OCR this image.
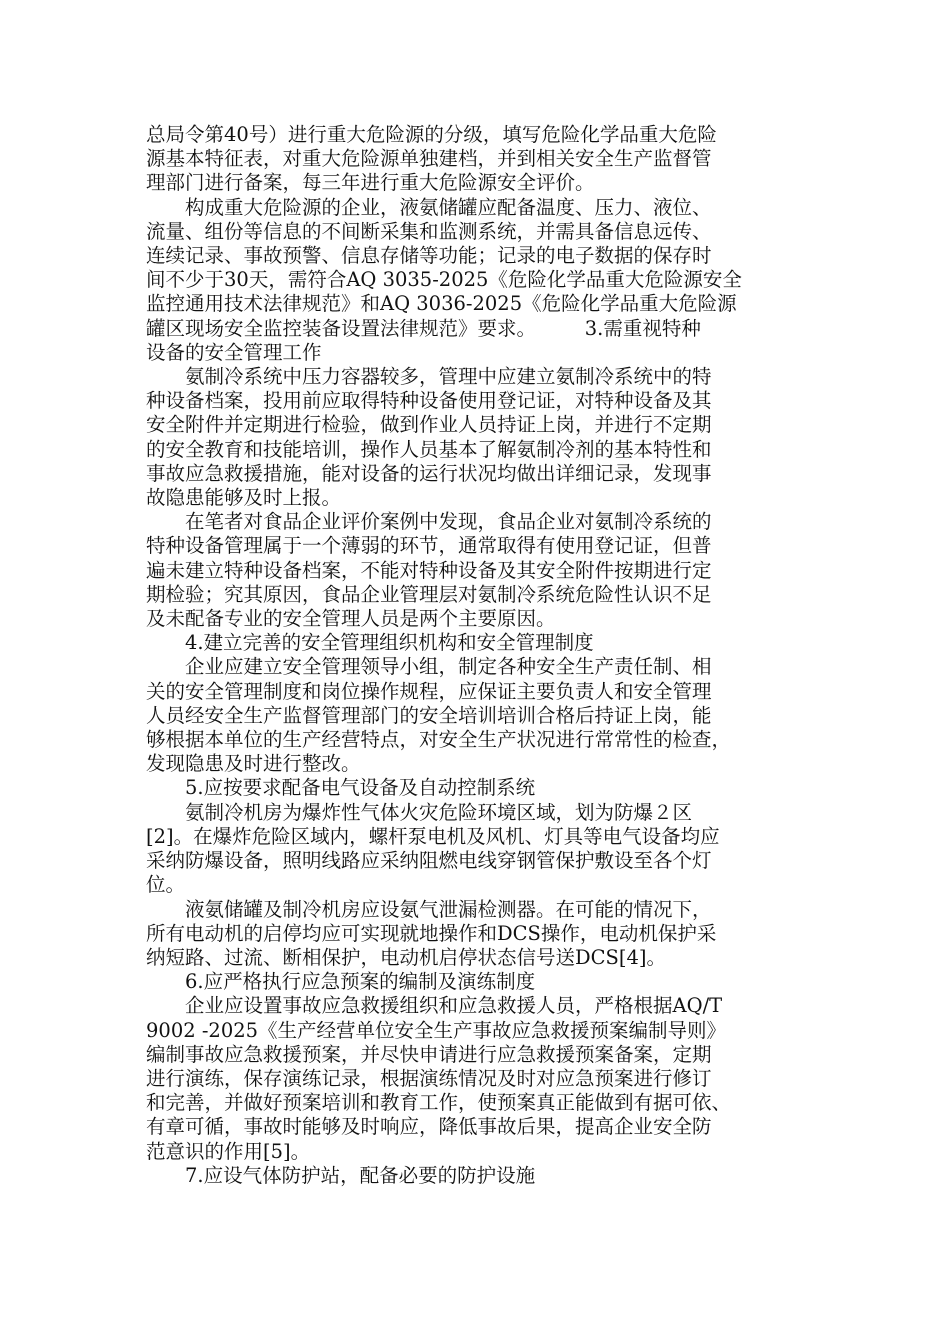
总局令第40号）进行重大危险源的分级，填写危险化学品重大危险
源基本特征表，对重大危险源单独建档，并到相关安全生产监督管
理部门进行备案，每三年进行重大危险源安全评价。

构成重大危险源的企业，液氨储罐应配备温度、压力、液位、
流量、组份等信息的不间断采集和监测系统，并需具备信息远传、
连续记录、事故预警、信息存储等功能；记录的电子数据的保存时
间不少于30天，需符合AQ 3035-2025《危险化学品重大危险源安全
监控通用技术法律规范》和AQ 3036-2025《危险化学品重大危险源
罐区现场安全监控装备设置法律规范》要求。　　　3.需重视特种
设备的安全管理工作

氨制冷系统中压力容器较多，管理中应建立氨制冷系统中的特
种设备档案，投用前应取得特种设备使用登记证，对特种设备及其
安全附件并定期进行检验，做到作业人员持证上岗，并进行不定期
的安全教育和技能培训，操作人员基本了解氨制冷剂的基本特性和
事故应急救援措施，能对设备的运行状况均做出详细记录，发现事
故隐患能够及时上报。

在笔者对食品企业评价案例中发现，食品企业对氨制冷系统的
特种设备管理属于一个薄弱的环节，通常取得有使用登记证，但普
遍未建立特种设备档案，不能对特种设备及其安全附件按期进行定
期检验；究其原因，食品企业管理层对氨制冷系统危险性认识不足
及未配备专业的安全管理人员是两个主要原因。

4.建立完善的安全管理组织机构和安全管理制度

企业应建立安全管理领导小组，制定各种安全生产责任制、相
关的安全管理制度和岗位操作规程，应保证主要负责人和安全管理
人员经安全生产监督管理部门的安全培训培训合格后持证上岗，能
够根据本单位的生产经营特点，对安全生产状况进行常常性的检查，
发现隐患及时进行整改。

5.应按要求配备电气设备及自动控制系统

氨制冷机房为爆炸性气体火灾危险环境区域，划为防爆２区
[2]。在爆炸危险区域内，螺杆泵电机及风机、灯具等电气设备均应
采纳防爆设备，照明线路应采纳阻燃电线穿钢管保护敷设至各个灯
位。

液氨储罐及制冷机房应设氨气泄漏检测器。在可能的情况下，
所有电动机的启停均应可实现就地操作和DCS操作，电动机保护采
纳短路、过流、断相保护，电动机启停状态信号送DCS[4]。

6.应严格执行应急预案的编制及演练制度

企业应设置事故应急救援组织和应急救援人员，严格根据AQ/T
9002 -2025《生产经营单位安全生产事故应急救援预案编制导则》
编制事故应急救援预案，并尽快申请进行应急救援预案备案，定期
进行演练，保存演练记录，根据演练情况及时对应急预案进行修订
和完善，并做好预案培训和教育工作，使预案真正能做到有据可依、
有章可循，事故时能够及时响应，降低事故后果，提高企业安全防
范意识的作用[5]。

7.应设气体防护站，配备必要的防护设施
